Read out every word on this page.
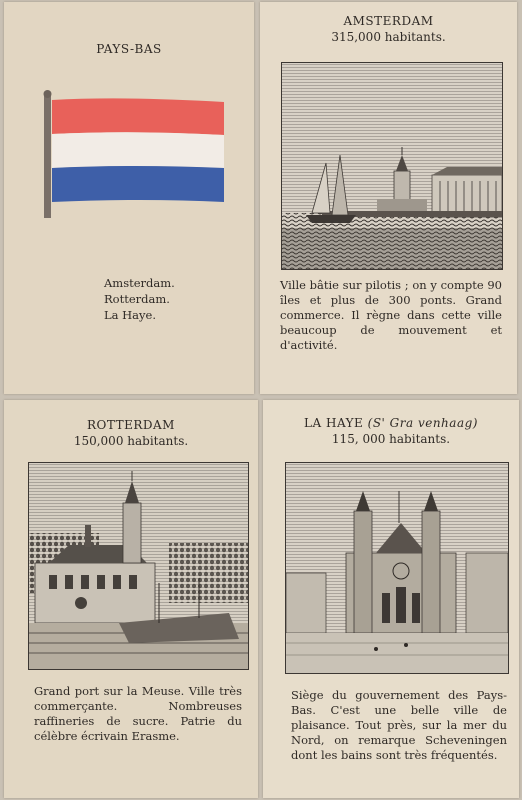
PAYS-BAS
Amsterdam.
Rotterdam.
La Haye.
AMSTERDAM
315,000 habitants.
Ville bâtie sur pilotis ; on y compte 90 îles et plus de 300 ponts. Grand commerce. Il règne dans cette ville beaucoup de mouvement et d'activité.
ROTTERDAM
150,000 habitants.
Grand port sur la Meuse. Ville très commerçante. Nombreuses raffineries de sucre. Patrie du célèbre écrivain Erasme.
LA HAYE (S' Gra venhaag)
115, 000 habitants.
Siège du gouvernement des Pays-Bas. C'est une belle ville de plaisance. Tout près, sur la mer du Nord, on remarque Scheveningen dont les bains sont très fréquentés.
